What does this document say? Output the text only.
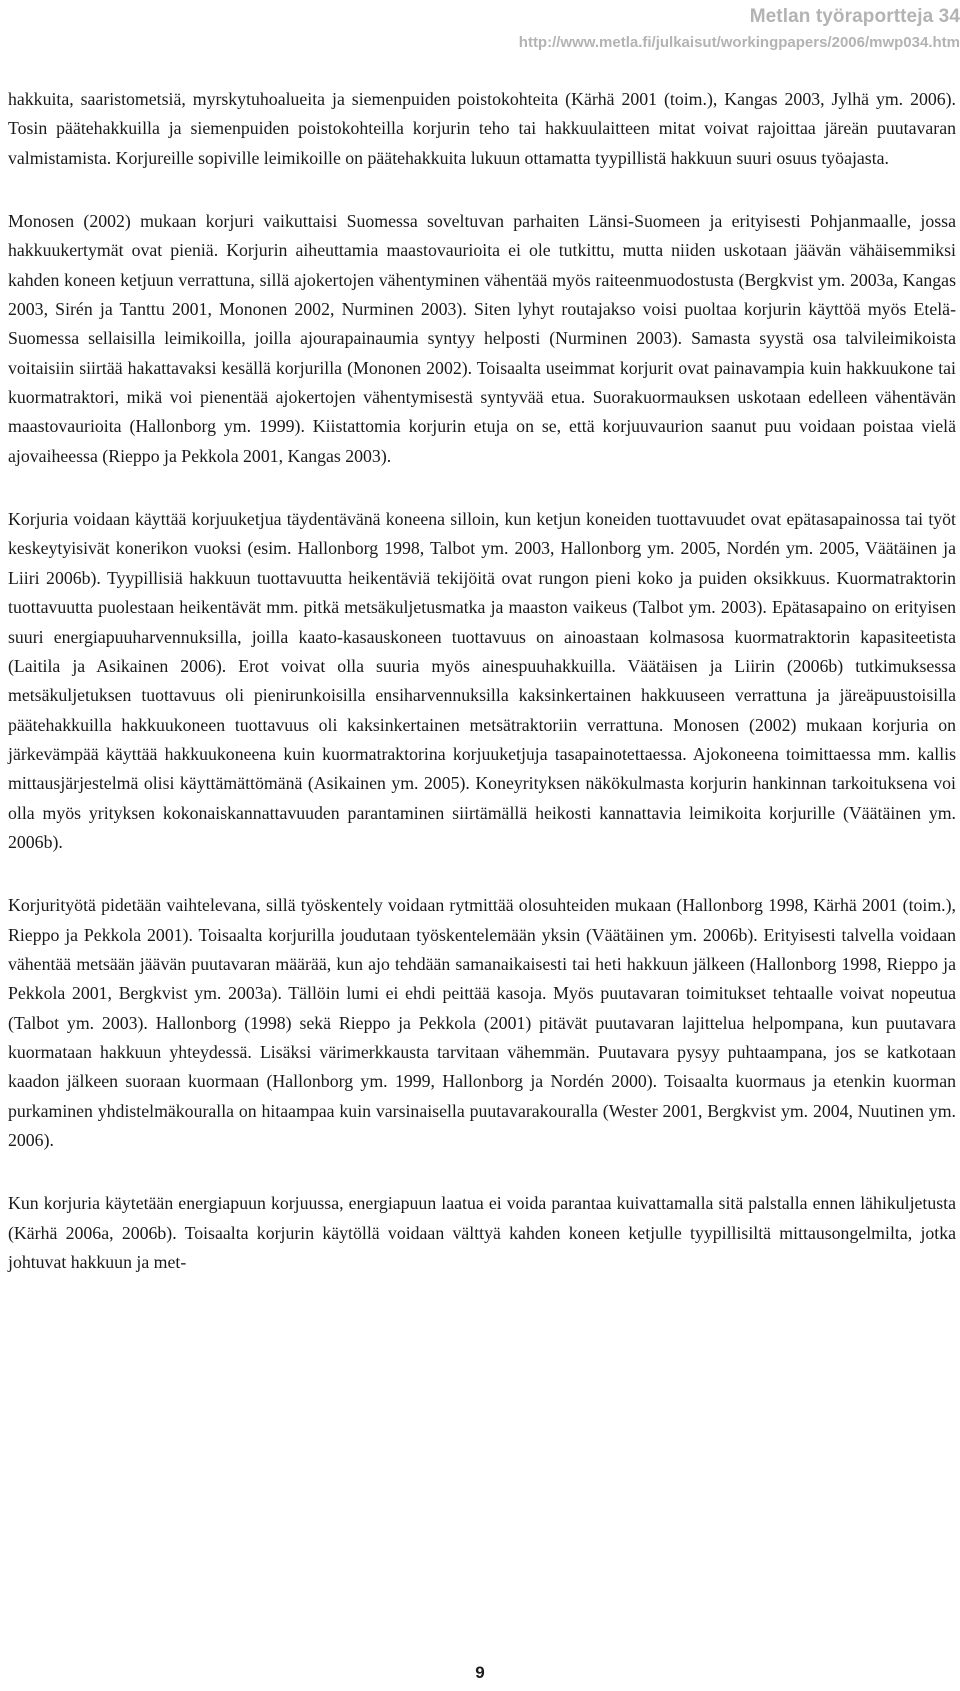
Metlan työraportteja 34
http://www.metla.fi/julkaisut/workingpapers/2006/mwp034.htm

hakkuita, saaristometsiä, myrskytuhoalueita ja siemenpuiden poistokohteita (Kärhä 2001 (toim.), Kangas 2003, Jylhä ym. 2006). Tosin päätehakkuilla ja siemenpuiden poistokohteilla korjurin teho tai hakkuulaitteen mitat voivat rajoittaa järeän puutavaran valmistamista. Korjureille sopiville leimikoille on päätehakkuita lukuun ottamatta tyypillistä hakkuun suuri osuus työajasta.

Monosen (2002) mukaan korjuri vaikuttaisi Suomessa soveltuvan parhaiten Länsi-Suomeen ja erityisesti Pohjanmaalle, jossa hakkuukertymät ovat pieniä. Korjurin aiheuttamia maastovaurioita ei ole tutkittu, mutta niiden uskotaan jäävän vähäisemmiksi kahden koneen ketjuun verrattuna, sillä ajokertojen vähentyminen vähentää myös raiteenmuodostusta (Bergkvist ym. 2003a, Kangas 2003, Sirén ja Tanttu 2001, Mononen 2002, Nurminen 2003). Siten lyhyt routajakso voisi puoltaa korjurin käyttöä myös Etelä-Suomessa sellaisilla leimikoilla, joilla ajourapainaumia syntyy helposti (Nurminen 2003). Samasta syystä osa talvileimikoista voitaisiin siirtää hakattavaksi kesällä korjurilla (Mononen 2002). Toisaalta useimmat korjurit ovat painavampia kuin hakkuukone tai kuormatraktori, mikä voi pienentää ajokertojen vähentymisestä syntyvää etua. Suorakuormauksen uskotaan edelleen vähentävän maastovaurioita (Hallonborg ym. 1999). Kiistattomia korjurin etuja on se, että korjuuvaurion saanut puu voidaan poistaa vielä ajovaiheessa (Rieppo ja Pekkola 2001, Kangas 2003).

Korjuria voidaan käyttää korjuuketjua täydentävänä koneena silloin, kun ketjun koneiden tuottavuudet ovat epätasapainossa tai työt keskeytyisivät konerikon vuoksi (esim. Hallonborg 1998, Talbot ym. 2003, Hallonborg ym. 2005, Nordén ym. 2005, Väätäinen ja Liiri 2006b). Tyypillisiä hakkuun tuottavuutta heikentäviä tekijöitä ovat rungon pieni koko ja puiden oksikkuus. Kuormatraktorin tuottavuutta puolestaan heikentävät mm. pitkä metsäkuljetusmatka ja maaston vaikeus (Talbot ym. 2003). Epätasapaino on erityisen suuri energiapuuharvennuksilla, joilla kaato-kasauskoneen tuottavuus on ainoastaan kolmasosa kuormatraktorin kapasiteetista (Laitila ja Asikainen 2006). Erot voivat olla suuria myös ainespuuhakkuilla. Väätäisen ja Liirin (2006b) tutkimuksessa metsäkuljetuksen tuottavuus oli pienirunkoisilla ensiharvennuksilla kaksinkertainen hakkuuseen verrattuna ja järeäpuustoisilla päätehakkuilla hakkuukoneen tuottavuus oli kaksinkertainen metsätraktoriin verrattuna. Monosen (2002) mukaan korjuria on järkevämpää käyttää hakkuukoneena kuin kuormatraktorina korjuuketjuja tasapainotettaessa. Ajokoneena toimittaessa mm. kallis mittausjärjestelmä olisi käyttämättömänä (Asikainen ym. 2005). Koneyrityksen näkökulmasta korjurin hankinnan tarkoituksena voi olla myös yrityksen kokonaiskannattavuuden parantaminen siirtämällä heikosti kannattavia leimikoita korjurille (Väätäinen ym. 2006b).

Korjurityötä pidetään vaihtelevana, sillä työskentely voidaan rytmittää olosuhteiden mukaan (Hallonborg 1998, Kärhä 2001 (toim.), Rieppo ja Pekkola 2001). Toisaalta korjurilla joudutaan työskentelemään yksin (Väätäinen ym. 2006b). Erityisesti talvella voidaan vähentää metsään jäävän puutavaran määrää, kun ajo tehdään samanaikaisesti tai heti hakkuun jälkeen (Hallonborg 1998, Rieppo ja Pekkola 2001, Bergkvist ym. 2003a). Tällöin lumi ei ehdi peittää kasoja. Myös puutavaran toimitukset tehtaalle voivat nopeutua (Talbot ym. 2003). Hallonborg (1998) sekä Rieppo ja Pekkola (2001) pitävät puutavaran lajittelua helpompana, kun puutavara kuormataan hakkuun yhteydessä. Lisäksi värimerkkausta tarvitaan vähemmän. Puutavara pysyy puhtaampana, jos se katkotaan kaadon jälkeen suoraan kuormaan (Hallonborg ym. 1999, Hallonborg ja Nordén 2000). Toisaalta kuormaus ja etenkin kuorman purkaminen yhdistelmäkouralla on hitaampaa kuin varsinaisella puutavarakouralla (Wester 2001, Bergkvist ym. 2004, Nuutinen ym. 2006).

Kun korjuria käytetään energiapuun korjuussa, energiapuun laatua ei voida parantaa kuivattamalla sitä palstalla ennen lähikuljetusta (Kärhä 2006a, 2006b). Toisaalta korjurin käytöllä voidaan välttyä kahden koneen ketjulle tyypillisiltä mittausongelmilta, jotka johtuvat hakkuun ja met-

9
